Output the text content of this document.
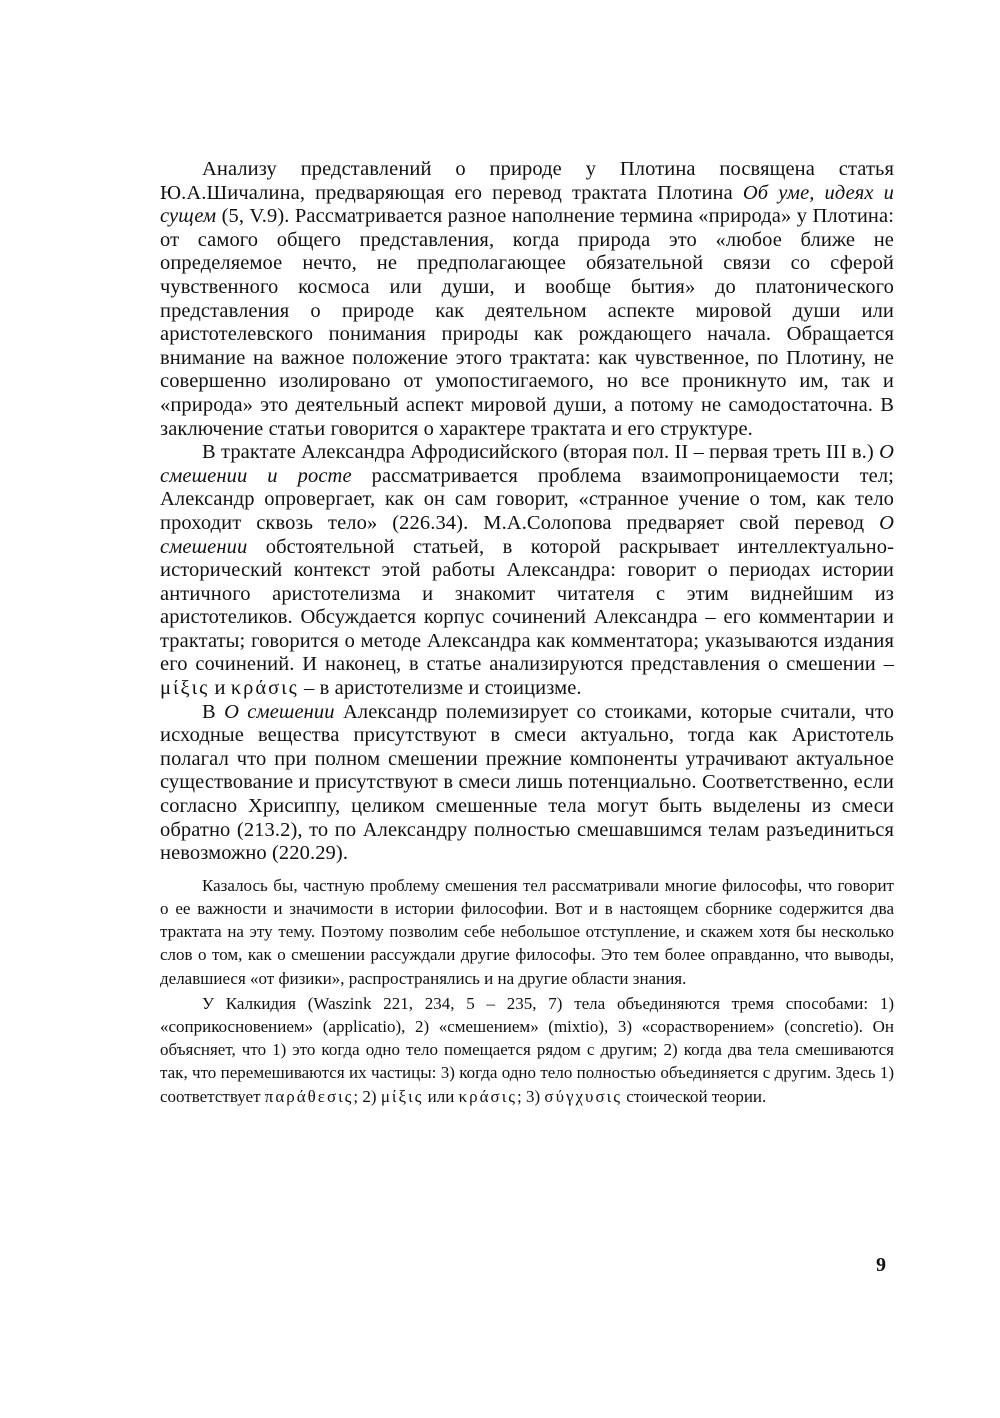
Анализу представлений о природе у Плотина посвящена статья Ю.А.Шичалина, предваряющая его перевод трактата Плотина Об уме, идеях и сущем (5, V.9). Рассматривается разное наполнение термина «природа» у Плотина: от самого общего представления, когда природа это «любое ближе не определяемое нечто, не предполагающее обязательной связи со сферой чувственного космоса или души, и вообще бытия» до платонического представления о природе как деятельном аспекте мировой души или аристотелевского понимания природы как рождающего начала. Обращается внимание на важное положение этого трактата: как чувственное, по Плотину, не совершенно изолировано от умопостигаемого, но все проникнуто им, так и «природа» это деятельный аспект мировой души, а потому не самодостаточна. В заключение статьи говорится о характере трактата и его структуре.

В трактате Александра Афродисийского (вторая пол. II – первая треть III в.) О смешении и росте рассматривается проблема взаимопроницаемости тел; Александр опровергает, как он сам говорит, «странное учение о том, как тело проходит сквозь тело» (226.34). М.А.Солопова предваряет свой перевод О смешении обстоятельной статьей, в которой раскрывает интеллектуально-исторический контекст этой работы Александра: говорит о периодах истории античного аристотелизма и знакомит читателя с этим виднейшим из аристотеликов. Обсуждается корпус сочинений Александра – его комментарии и трактаты; говорится о методе Александра как комментатора; указываются издания его сочинений. И наконец, в статье анализируются представления о смешении – μίξις и κράσις – в аристотелизме и стоицизме.

В О смешении Александр полемизирует со стоиками, которые считали, что исходные вещества присутствуют в смеси актуально, тогда как Аристотель полагал что при полном смешении прежние компоненты утрачивают актуальное существование и присутствуют в смеси лишь потенциально. Соответственно, если согласно Хрисиппу, целиком смешенные тела могут быть выделены из смеси обратно (213.2), то по Александру полностью смешавшимся телам разъединиться невозможно (220.29).

Казалось бы, частную проблему смешения тел рассматривали многие философы, что говорит о ее важности и значимости в истории философии. Вот и в настоящем сборнике содержится два трактата на эту тему. Поэтому позволим себе небольшое отступление, и скажем хотя бы несколько слов о том, как о смешении рассуждали другие философы. Это тем более оправданно, что выводы, делавшиеся «от физики», распространялись и на другие области знания.

У Калкидия (Waszink 221, 234, 5 – 235, 7) тела объединяются тремя способами: 1) «соприкосновением» (applicatio), 2) «смешением» (mixtio), 3) «сорастворением» (concretio). Он объясняет, что 1) это когда одно тело помещается рядом с другим; 2) когда два тела смешиваются так, что перемешиваются их частицы: 3) когда одно тело полностью объединяется с другим. Здесь 1) соответствует παράθεσις; 2) μίξις или κράσις; 3) σύγχυσις стоической теории.

9
